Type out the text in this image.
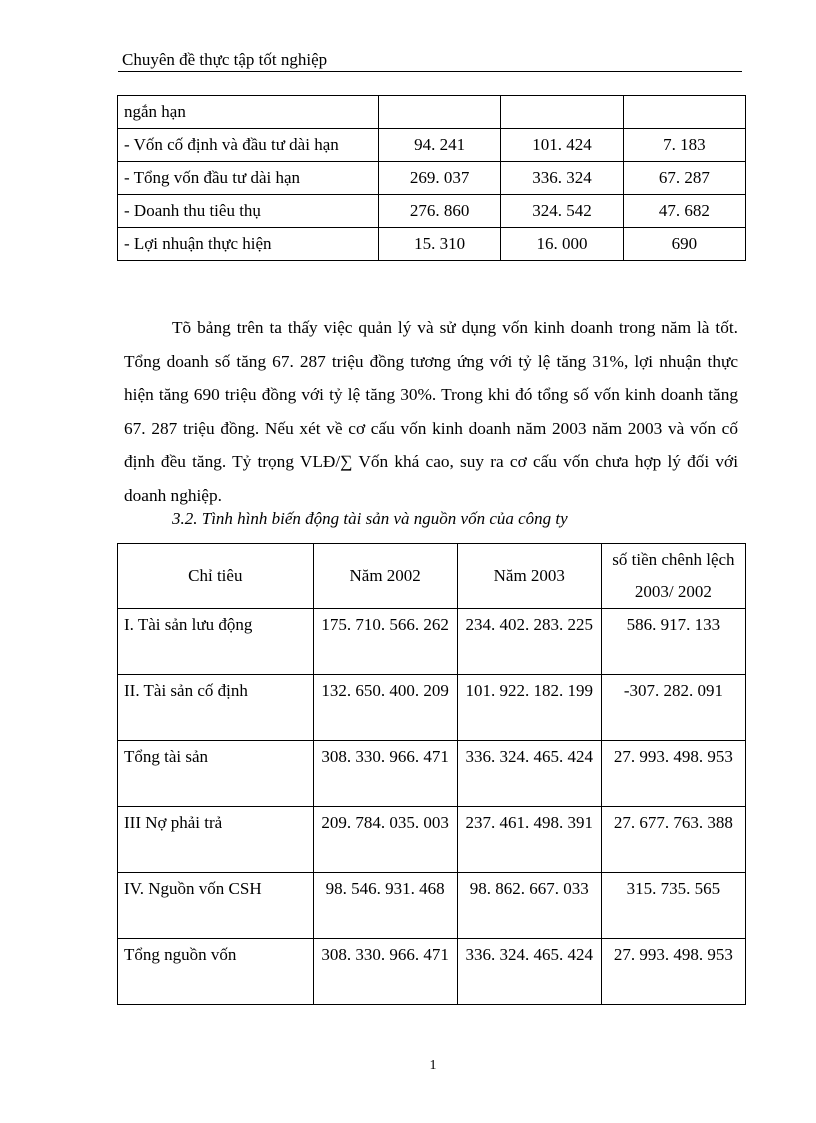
Chuyên đề thực tập tốt nghiệp
ngắn hạn			
- Vốn cố định và đầu tư dài hạn	94. 241	101. 424	7. 183
- Tổng vốn đầu tư dài hạn	269. 037	336. 324	67. 287
- Doanh thu tiêu thụ	276. 860	324. 542	47. 682
- Lợi nhuận thực hiện	15. 310	16. 000	690

Tõ bảng trên ta thấy việc quản lý và sử dụng vốn kinh doanh trong năm là tốt. Tổng doanh số tăng 67. 287 triệu đồng tương ứng với tỷ lệ tăng 31%, lợi nhuận thực hiện tăng 690 triệu đồng với tỷ lệ tăng 30%. Trong khi đó tổng số vốn kinh doanh tăng 67. 287 triệu đồng. Nếu xét về cơ cấu vốn kinh doanh năm 2003 năm 2003 và vốn cố định đều tăng. Tỷ trọng VLĐ/∑ Vốn khá cao, suy ra cơ cấu vốn chưa hợp lý đối với doanh nghiệp.

3.2. Tình hình biến động tài sản và nguồn vốn của công ty
Chỉ tiêu	Năm 2002	Năm 2003	số tiền chênh lệch 2003/ 2002
I. Tài sản lưu động	175. 710. 566. 262	234. 402. 283. 225	586. 917. 133
II. Tài sản cố định	132. 650. 400. 209	101. 922. 182. 199	-307. 282. 091
Tổng tài sản	308. 330. 966. 471	336. 324. 465. 424	27. 993. 498. 953
III Nợ phải trả	209. 784. 035. 003	237. 461. 498. 391	27. 677. 763. 388
IV. Nguồn vốn CSH	98. 546. 931. 468	98. 862. 667. 033	315. 735. 565
Tổng nguồn vốn	308. 330. 966. 471	336. 324. 465. 424	27. 993. 498. 953
1
